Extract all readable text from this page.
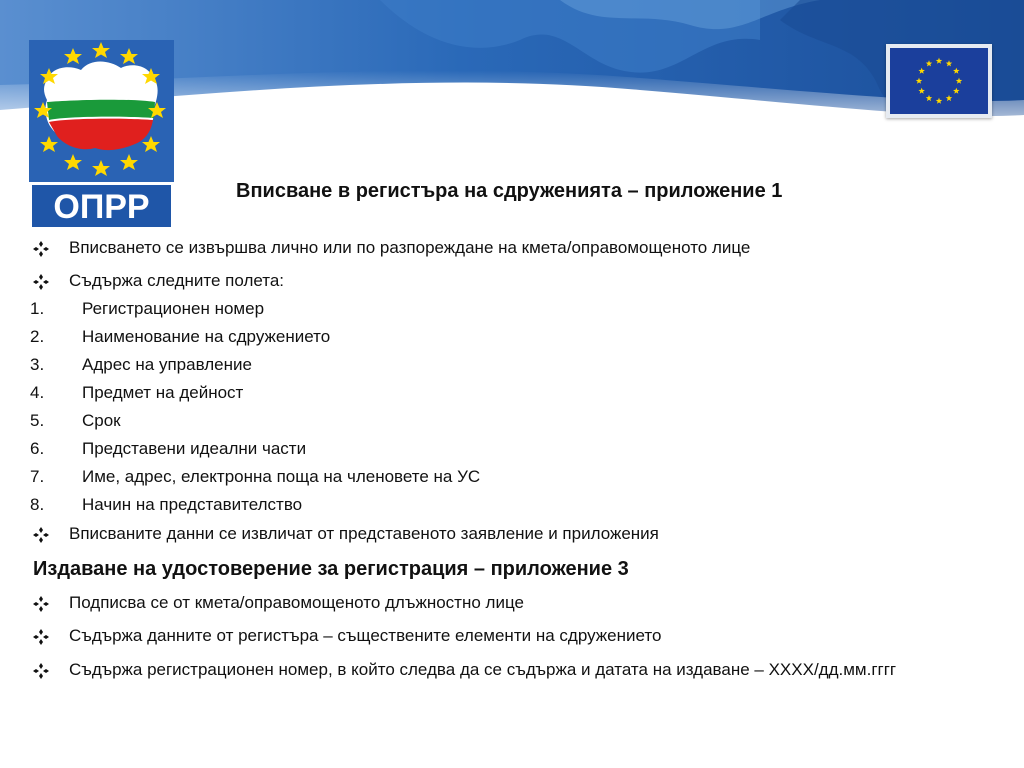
ОПРР	Вписване в регистъра на сдруженията – приложение 1
Вписването се извършва лично или по разпореждане на кмета/оправомощеното лице
Съдържа следните полета:
1. Регистрационен номер
2. Наименование на сдружението
3. Адрес на управление
4. Предмет на дейност
5. Срок
6. Представени идеални части
7. Име, адрес, електронна поща на членовете на УС
8. Начин на представителство
Вписваните данни се извличат от представеното заявление и приложения
Издаване на удостоверение за регистрация – приложение 3
Подписва се от кмета/оправомощеното длъжностно лице
Съдържа данните от регистъра – съществените елементи на сдружението
Съдържа регистрационен номер, в който следва да се съдържа и датата на издаване – ХХХХ/дд.мм.гггг
